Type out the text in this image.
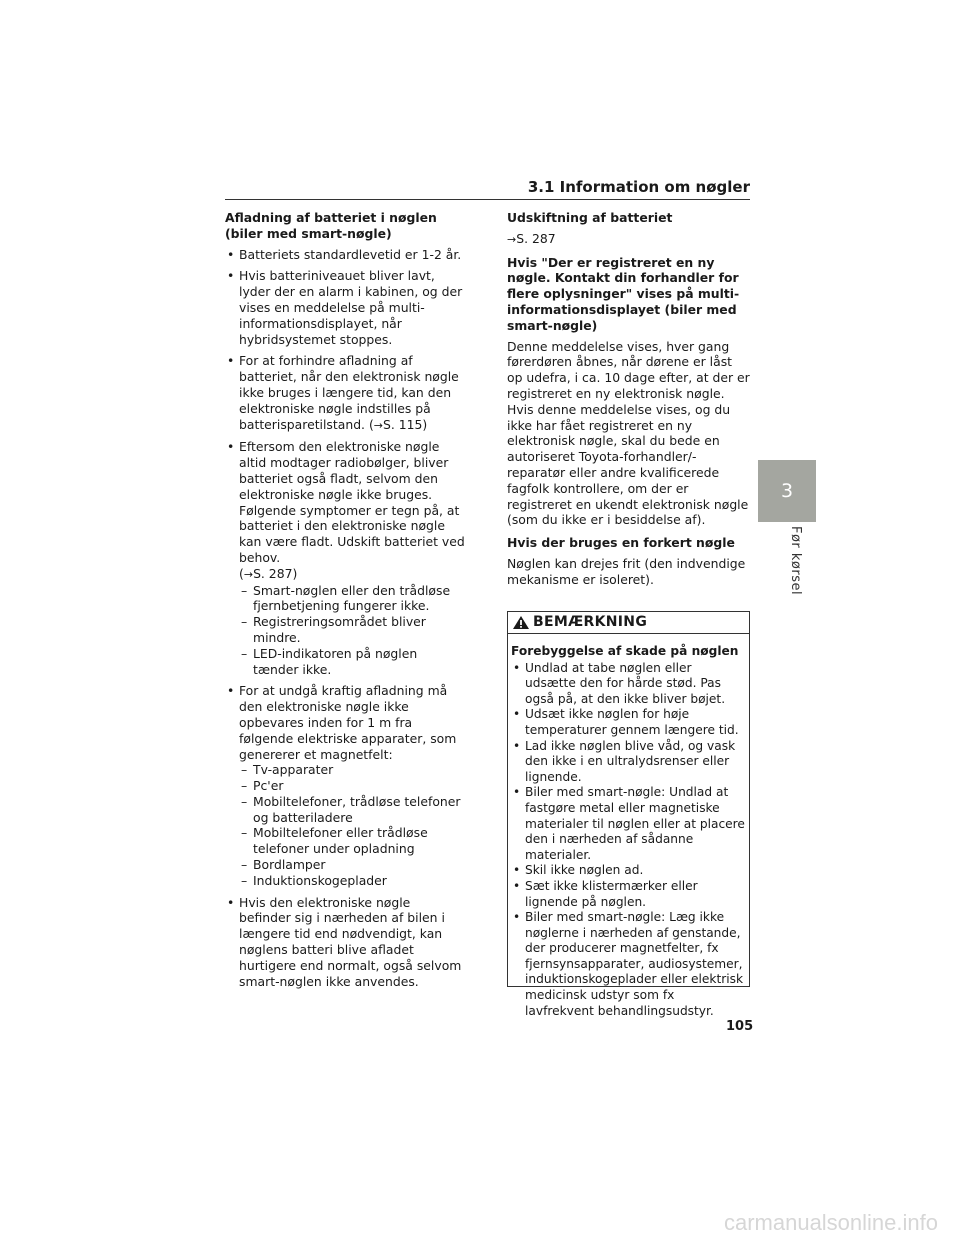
3.1 Information om nøgler
3
Før kørsel
Afladning af batteriet i nøglen (biler med smart-nøgle)
• Batteriets standardlevetid er 1-2 år.
• Hvis batteriniveauet bliver lavt, lyder der en alarm i kabinen, og der vises en meddelelse på multi-informationsdisplayet, når hybridsystemet stoppes.
• For at forhindre afladning af batteriet, når den elektronisk nøgle ikke bruges i længere tid, kan den elektroniske nøgle indstilles på batterisparetilstand. (→S. 115)
• Eftersom den elektroniske nøgle altid modtager radiobølger, bliver batteriet også fladt, selvom den elektroniske nøgle ikke bruges. Følgende symptomer er tegn på, at batteriet i den elektroniske nøgle kan være fladt. Udskift batteriet ved behov.
(→S. 287)
– Smart-nøglen eller den trådløse fjernbetjening fungerer ikke.
– Registreringsområdet bliver mindre.
– LED-indikatoren på nøglen tænder ikke.
• For at undgå kraftig afladning må den elektroniske nøgle ikke opbevares inden for 1 m fra følgende elektriske apparater, som genererer et magnetfelt:
– Tv-apparater
– Pc'er
– Mobiltelefoner, trådløse telefoner og batteriladere
– Mobiltelefoner eller trådløse telefoner under opladning
– Bordlamper
– Induktionskogeplader
• Hvis den elektroniske nøgle befinder sig i nærheden af bilen i længere tid end nødvendigt, kan nøglens batteri blive afladet hurtigere end normalt, også selvom smart-nøglen ikke anvendes.
Udskiftning af batteriet

→S. 287

Hvis "Der er registreret en ny nøgle. Kontakt din forhandler for flere oplysninger" vises på multi-informationsdisplayet (biler med smart-nøgle)

Denne meddelelse vises, hver gang førerdøren åbnes, når dørene er låst op udefra, i ca. 10 dage efter, at der er registreret en ny elektronisk nøgle. Hvis denne meddelelse vises, og du ikke har fået registreret en ny elektronisk nøgle, skal du bede en autoriseret Toyota-forhandler/-reparatør eller andre kvalificerede fagfolk kontrollere, om der er registreret en ukendt elektronisk nøgle (som du ikke er i besiddelse af).

Hvis der bruges en forkert nøgle

Nøglen kan drejes frit (den indvendige mekanisme er isoleret).

BEMÆRKNING
Forebyggelse af skade på nøglen
• Undlad at tabe nøglen eller udsætte den for hårde stød. Pas også på, at den ikke bliver bøjet.
• Udsæt ikke nøglen for høje temperaturer gennem længere tid.
• Lad ikke nøglen blive våd, og vask den ikke i en ultralydsrenser eller lignende.
• Biler med smart-nøgle: Undlad at fastgøre metal eller magnetiske materialer til nøglen eller at placere den i nærheden af sådanne materialer.
• Skil ikke nøglen ad.
• Sæt ikke klistermærker eller lignende på nøglen.
• Biler med smart-nøgle: Læg ikke nøglerne i nærheden af genstande, der producerer magnetfelter, fx fjernsynsapparater, audiosystemer, induktionskogeplader eller elektrisk medicinsk udstyr som fx lavfrekvent behandlingsudstyr.
105
carmanualsonline.info
